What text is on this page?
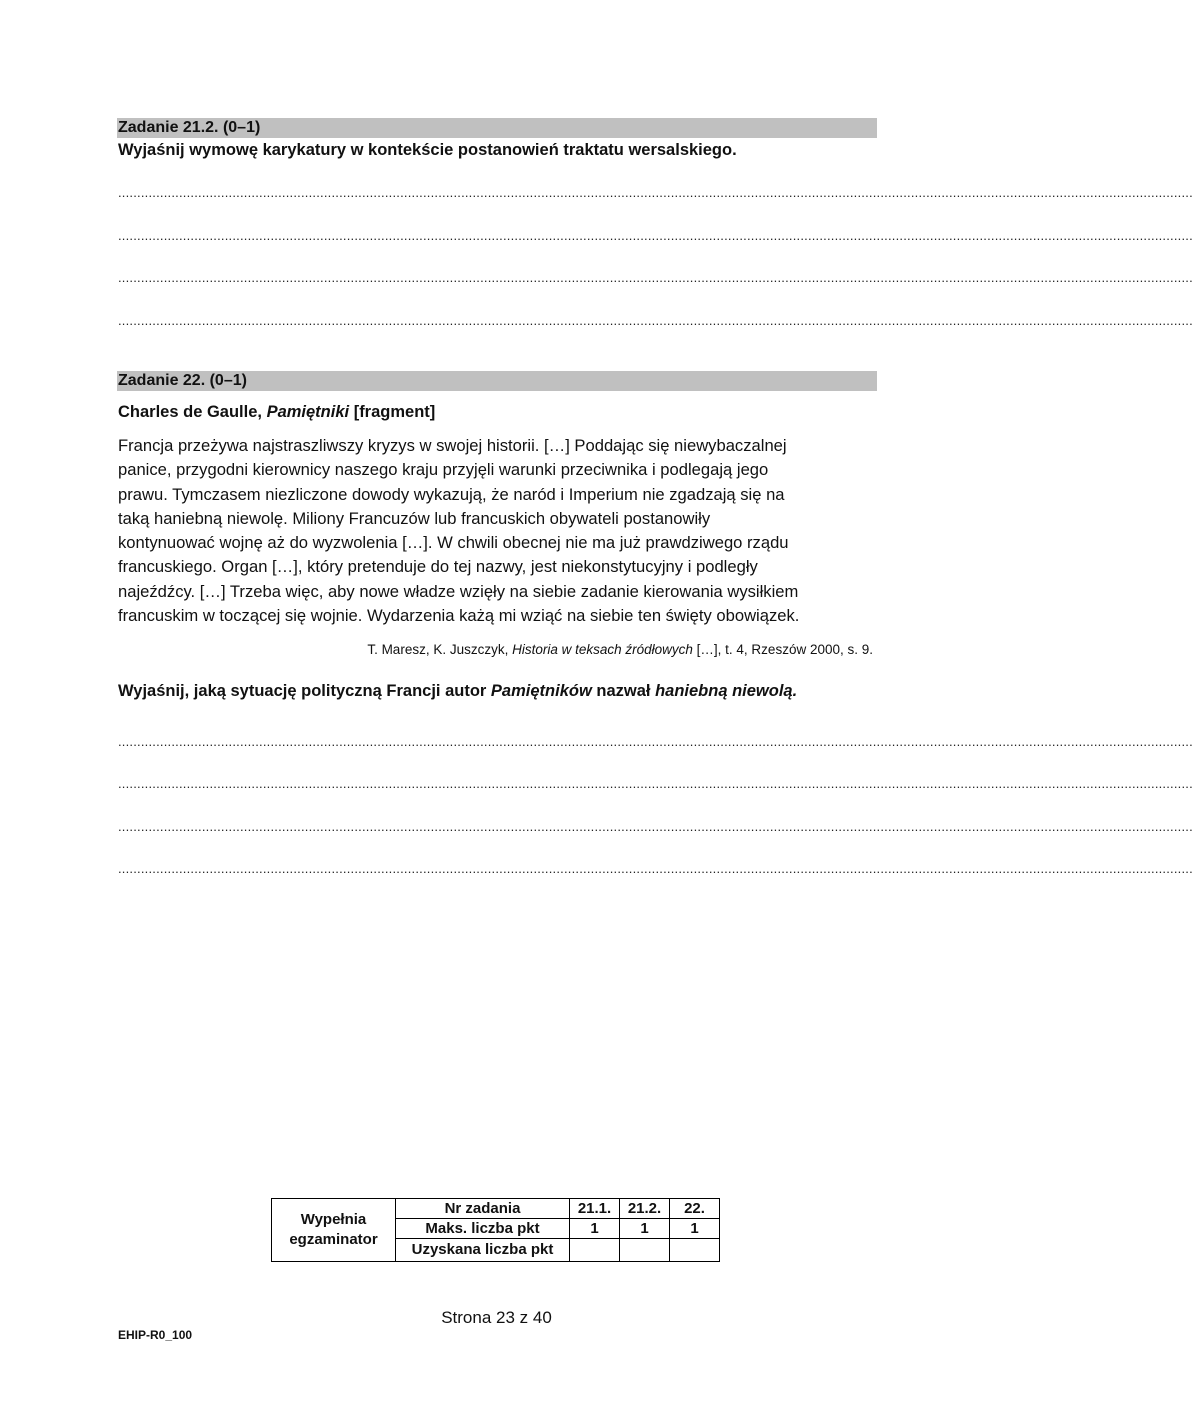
Zadanie 21.2. (0–1)
Wyjaśnij wymowę karykatury w kontekście postanowień traktatu wersalskiego.
..........................................................................................................................................................................................................................................................................................
..........................................................................................................................................................................................................................................................................................
..........................................................................................................................................................................................................................................................................................
..........................................................................................................................................................................................................................................................................................
Zadanie 22. (0–1)
Charles de Gaulle, Pamiętniki [fragment]
Francja przeżywa najstraszliwszy kryzys w swojej historii. […] Poddając się niewybaczalnej
panice, przygodni kierownicy naszego kraju przyjęli warunki przeciwnika i podlegają jego
prawu. Tymczasem niezliczone dowody wykazują, że naród i Imperium nie zgadzają się na
taką haniebną niewolę. Miliony Francuzów lub francuskich obywateli postanowiły
kontynuować wojnę aż do wyzwolenia […]. W chwili obecnej nie ma już prawdziwego rządu
francuskiego. Organ […], który pretenduje do tej nazwy, jest niekonstytucyjny i podległy
najeźdźcy. […] Trzeba więc, aby nowe władze wzięły na siebie zadanie kierowania wysiłkiem
francuskim w toczącej się wojnie. Wydarzenia każą mi wziąć na siebie ten święty obowiązek.
T. Maresz, K. Juszczyk, Historia w teksach źródłowych […], t. 4, Rzeszów 2000, s. 9.
Wyjaśnij, jaką sytuację polityczną Francji autor Pamiętników nazwał haniebną niewolą.
..........................................................................................................................................................................................................................................................................................
..........................................................................................................................................................................................................................................................................................
..........................................................................................................................................................................................................................................................................................
..........................................................................................................................................................................................................................................................................................
Wypełnia
egzaminator	Nr zadania	21.1.	21.2.	22.
	Maks. liczba pkt	1	1	1
	Uzyskana liczba pkt			
Strona 23 z 40
EHIP-R0_100
